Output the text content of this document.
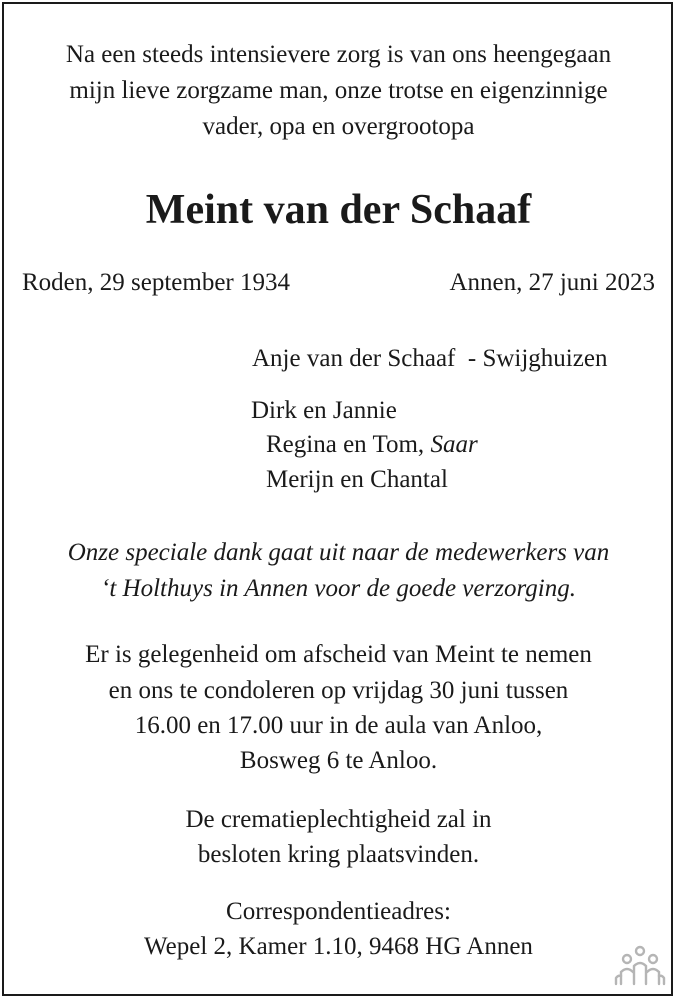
Na een steeds intensievere zorg is van ons heengegaan
mijn lieve zorgzame man, onze trotse en eigenzinnige
vader, opa en overgrootopa
Meint van der Schaaf
Roden, 29 september 1934	Annen, 27 juni 2023
Anje van der Schaaf  - Swijghuizen
Dirk en Jannie
Regina en Tom, Saar
Merijn en Chantal
Onze speciale dank gaat uit naar de medewerkers van
‘t Holthuys in Annen voor de goede verzorging.
Er is gelegenheid om afscheid van Meint te nemen
en ons te condoleren op vrijdag 30 juni tussen
16.00 en 17.00 uur in de aula van Anloo,
Bosweg 6 te Anloo.
De crematieplechtigheid zal in
besloten kring plaatsvinden.
Correspondentieadres:
Wepel 2, Kamer 1.10, 9468 HG Annen
